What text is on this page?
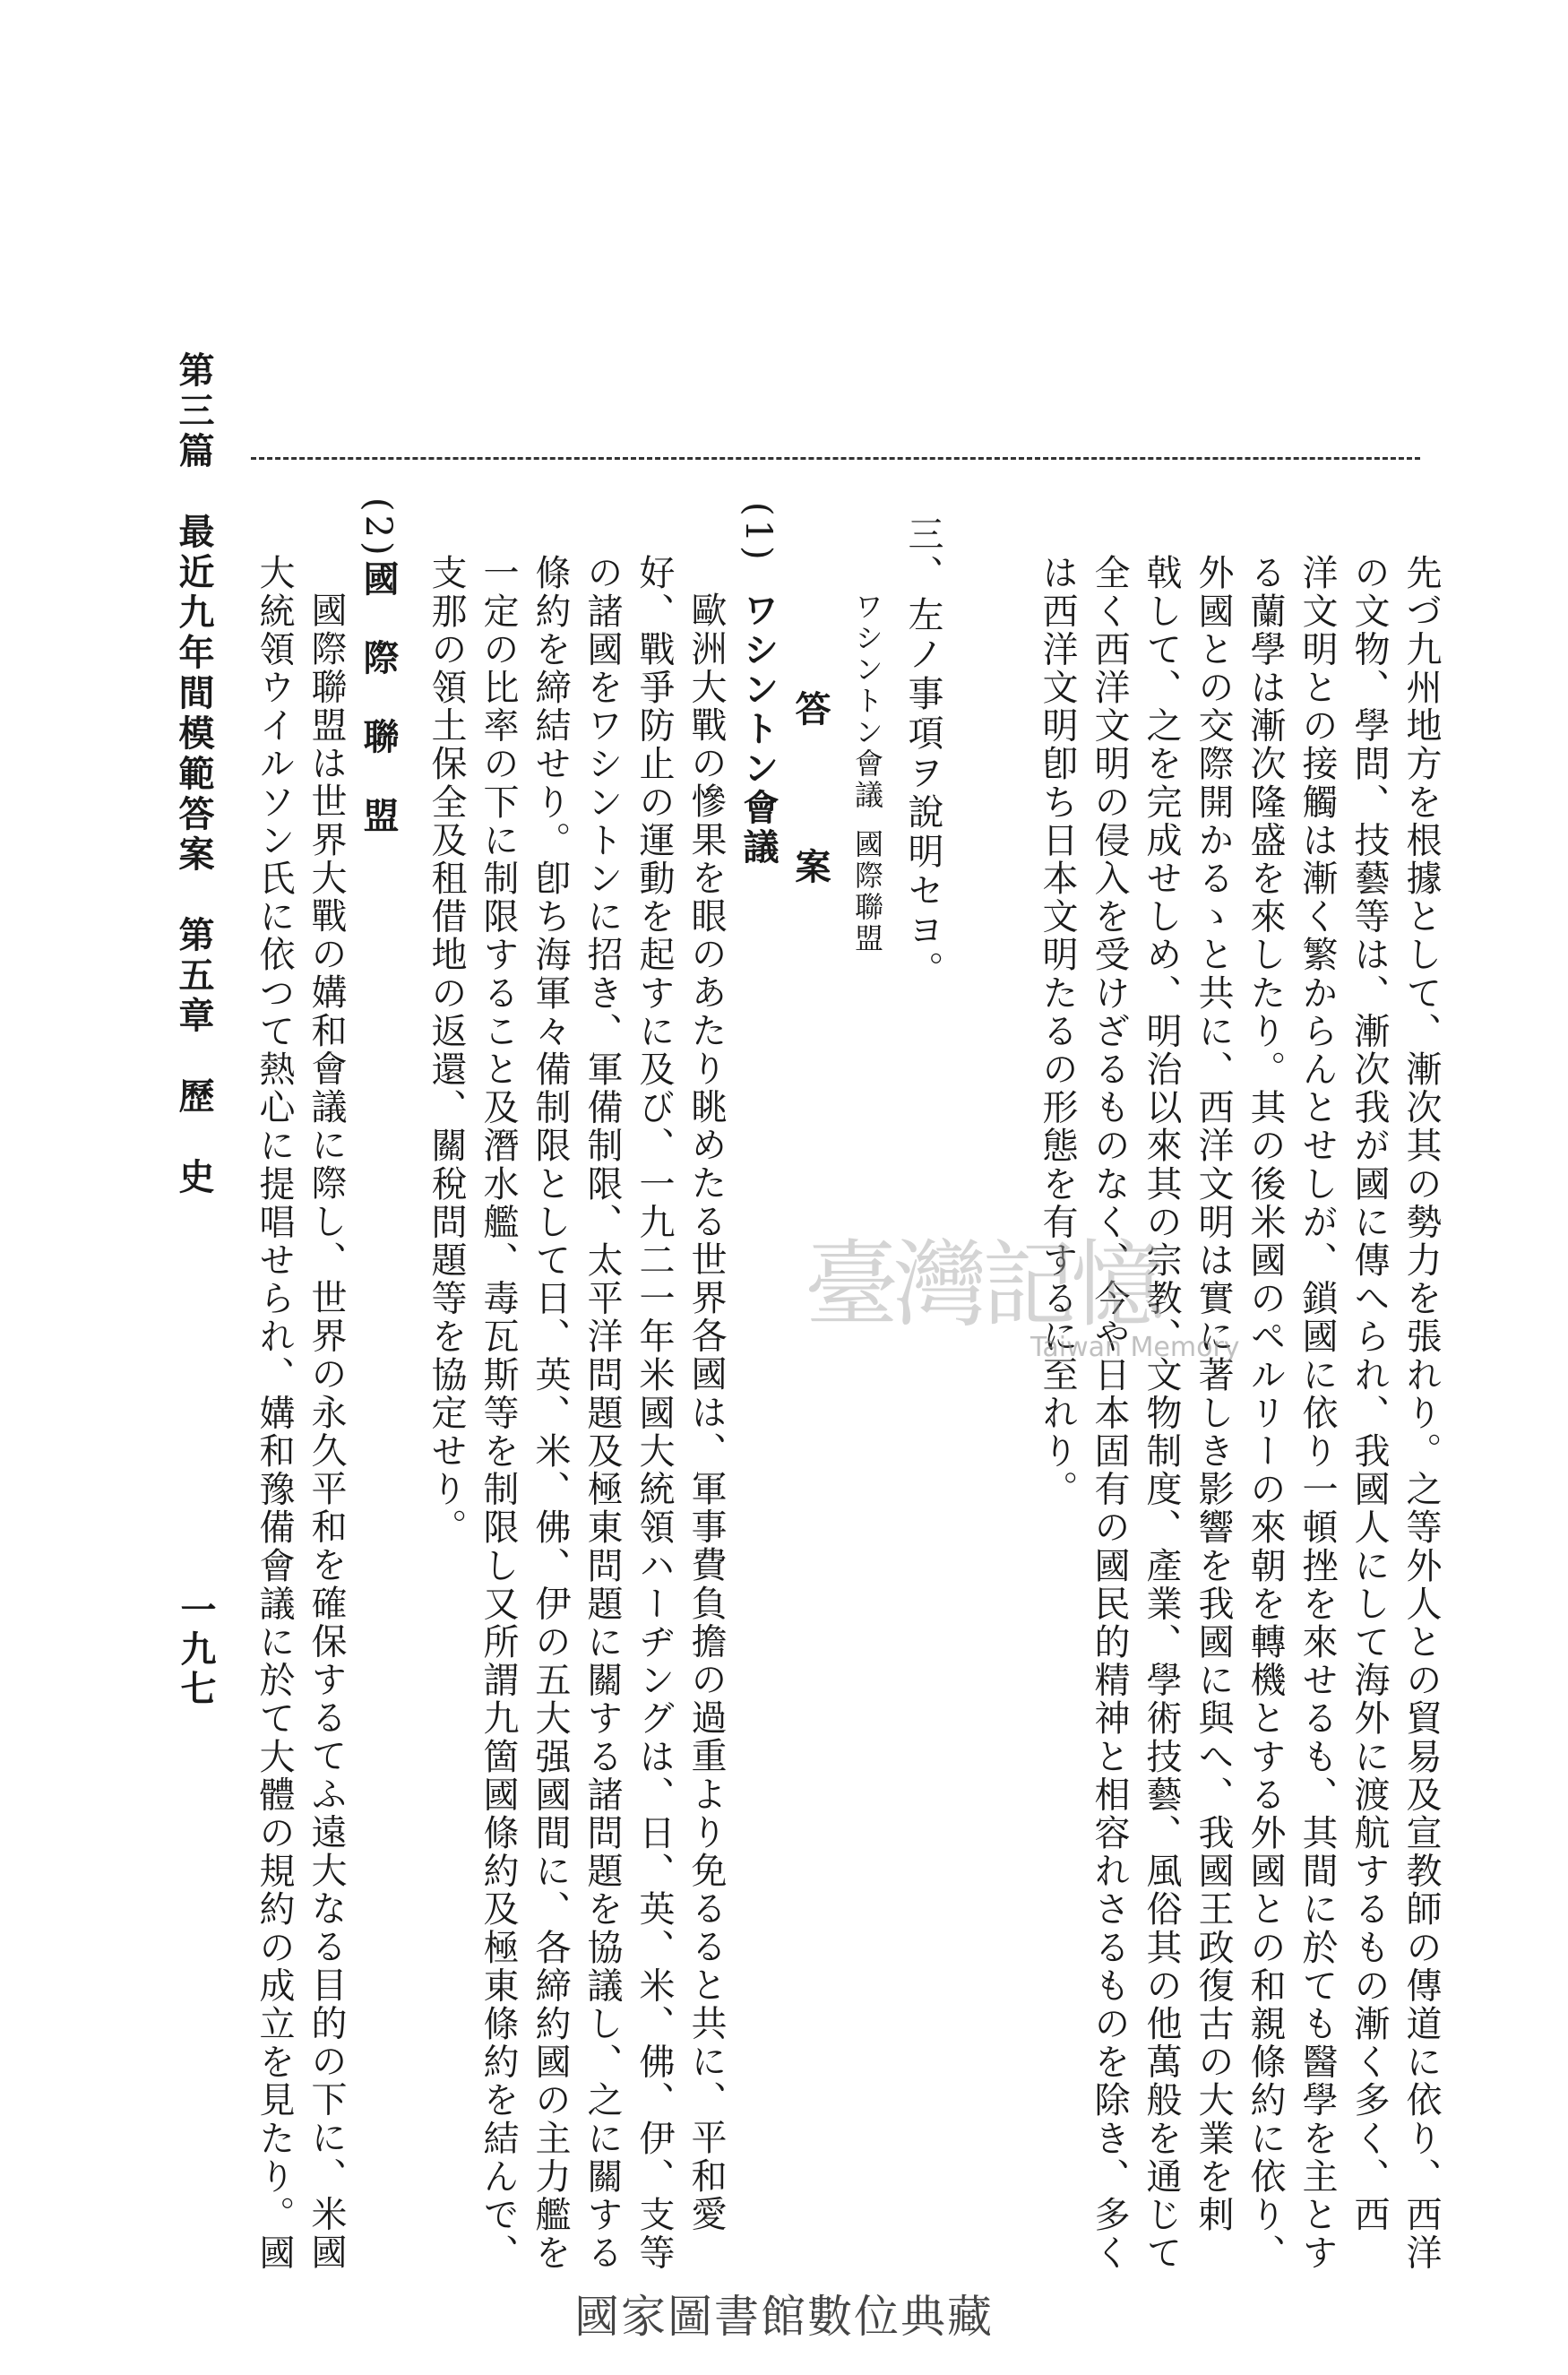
第三篇　最近九年間模範答案　第五章　歷　史
一九七	先づ九州地方を根據として、漸次其の勢力を張れり。之等外人との貿易及宣教師の傳道に依り、西洋
の文物、學問、技藝等は、漸次我が國に傳へられ、我國人にして海外に渡航するもの漸く多く、西
洋文明との接觸は漸く繁からんとせしが、鎖國に依り一頓挫を來せるも、其間に於ても醫學を主とす
る蘭學は漸次隆盛を來したり。其の後米國のペルリーの來朝を轉機とする外國との和親條約に依り、
外國との交際開かるゝと共に、西洋文明は實に著しき影響を我國に與へ、我國王政復古の大業を剌
戟して、之を完成せしめ、明治以來其の宗教、文物制度、產業、學術技藝、風俗其の他萬般を通じて
全く西洋文明の侵入を受けざるものなく、今や日本固有の國民的精神と相容れさるものを除き、多く
は西洋文明卽ち日本文明たるの形態を有するに至れり。
三、
左ノ事項ヲ說明セヨ。
ワシントン會議
國際聯盟
答　　　案
(1)
ワシントン會議
歐洲大戰の慘果を眼のあたり眺めたる世界各國は、軍事費負擔の過重より免るると共に、平和愛
好、戰爭防止の運動を起すに及び、一九二一年米國大統領ハーヂングは、日、英、米、佛、伊、支等
の諸國をワシントンに招き、軍備制限、太平洋問題及極東問題に關する諸問題を協議し、之に關する
條約を締結せり。卽ち海軍々備制限として日、英、米、佛、伊の五大强國間に、各締約國の主力艦を
一定の比率の下に制限すること及潛水艦、毒瓦斯等を制限し又所謂九箇國條約及極東條約を結んで、
支那の領土保全及租借地の返還、關稅問題等を協定せり。
(2)
國　際　聯　盟
國際聯盟は世界大戰の媾和會議に際し、世界の永久平和を確保するてふ遠大なる目的の下に、米國
大統領ウイルソン氏に依つて熱心に提唱せられ、媾和豫備會議に於て大體の規約の成立を見たり。國	臺灣記憶
Taiwan Memory
國家圖書館數位典藏
